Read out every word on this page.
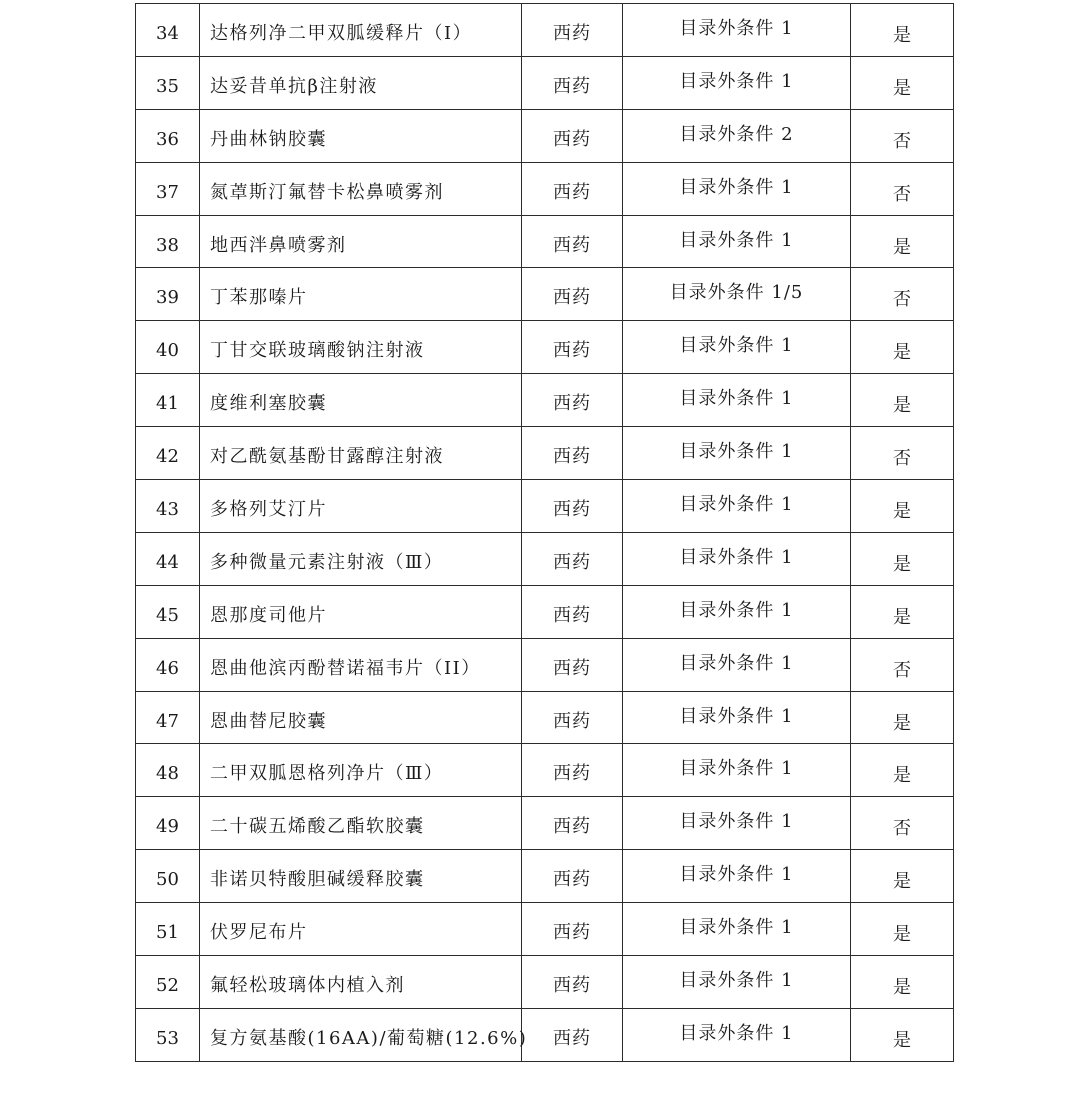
34	达格列净二甲双胍缓释片（I）	西药	目录外条件 1	是
35	达妥昔单抗β注射液	西药	目录外条件 1	是
36	丹曲林钠胶囊	西药	目录外条件 2	否
37	氮䓬斯汀氟替卡松鼻喷雾剂	西药	目录外条件 1	否
38	地西泮鼻喷雾剂	西药	目录外条件 1	是
39	丁苯那嗪片	西药	目录外条件 1/5	否
40	丁甘交联玻璃酸钠注射液	西药	目录外条件 1	是
41	度维利塞胶囊	西药	目录外条件 1	是
42	对乙酰氨基酚甘露醇注射液	西药	目录外条件 1	否
43	多格列艾汀片	西药	目录外条件 1	是
44	多种微量元素注射液（Ⅲ）	西药	目录外条件 1	是
45	恩那度司他片	西药	目录外条件 1	是
46	恩曲他滨丙酚替诺福韦片（II）	西药	目录外条件 1	否
47	恩曲替尼胶囊	西药	目录外条件 1	是
48	二甲双胍恩格列净片（Ⅲ）	西药	目录外条件 1	是
49	二十碳五烯酸乙酯软胶囊	西药	目录外条件 1	否
50	非诺贝特酸胆碱缓释胶囊	西药	目录外条件 1	是
51	伏罗尼布片	西药	目录外条件 1	是
52	氟轻松玻璃体内植入剂	西药	目录外条件 1	是
53	复方氨基酸(16AA)/葡萄糖(12.6%)	西药	目录外条件 1	是
